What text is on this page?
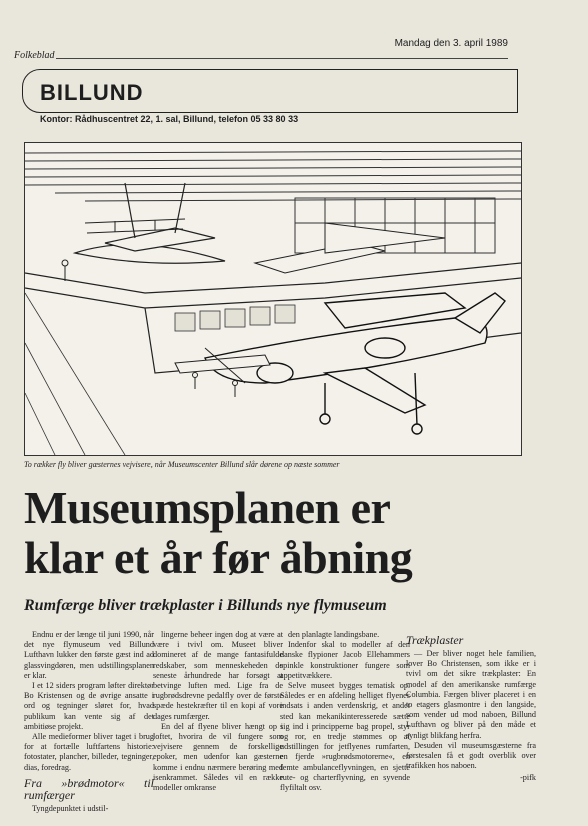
Folkeblad
Mandag den 3. april 1989
BILLUND
Kontor: Rådhuscentret 22, 1. sal, Billund, telefon 05 33 80 33
To rækker fly bliver gæsternes vejvisere, når Museumscenter Billund slår dørene op næste sommer
Museumsplanen er
klar et år før åbning
Rumfærge bliver trækplaster i Billunds nye flymuseum

Endnu er der længe til juni 1990, når det nye flymuseum ved Billund Lufthavn lukker den første gæst ind ad glassvingdøren, men udstillingsplanen er klar.

I et 12 siders program løfter direktør Bo Kristensen og de øvrige ansatte i ord og tegninger sløret for, hvad publikum kan vente sig af det ambitiøse projekt.

Alle medieformer bliver taget i brug for at fortælle luftfartens historie: fotostater, plancher, billeder, tegninger, dias, foredrag.

Fra »brødmotor« til rumfærger

Tyngdepunktet i udstil-

lingerne beheer ingen dog at være at være i tvivl om. Museet bliver domineret af de mange fantasifulde redskaber, som menneskeheden de seneste århundrede har forsøgt at betvinge luften med. Lige fra de rugbrødsdrevne pedalfly over de første spæde hestekræfter til en kopi af vore dages rumfærger.

En del af flyene bliver hængt op i loftet, hvorira de vil fungere som vejvisere gennem de forskellige epoker, men udenfor kan gæsterne komme i endnu nærmere berøring med isenkrammet. Således vil en række modeller omkranse

den planlagte landingsbane.

Indenfor skal to modeller af den danske flypioner Jacob Ellehammers spinkle konstruktioner fungere som appetitvækkere.

Selve museet bygges tematisk op. Således er en afdeling helliget flyenes indsats i anden verdenskrig, et andet sted kan mekanikinteresserede sætte sig ind i principperne bag propel, styr og ror, en tredje stømmes op af udstillingen for jetflyenes rumfarten, en fjerde »rugbrødsmotorerne«, en femte ambulanceflyvningen, en sjette rute- og charterflyvning, en syvende flyfiltalt osv.

Trækplaster

— Der bliver noget hele familien, lover Bo Christensen, som ikke er i tvivl om det sikre trækplaster: En model af den amerikanske rumfærge Columbia. Færgen bliver placeret i en to etagers glasmontre i den langside, som vender ud mod naboen, Billund Lufthavn og bliver på den måde et synligt blikfang herfra.

Desuden vil museumsgæsterne fra førstesalen få et godt overblik over trafikken hos naboen.

-pifk
